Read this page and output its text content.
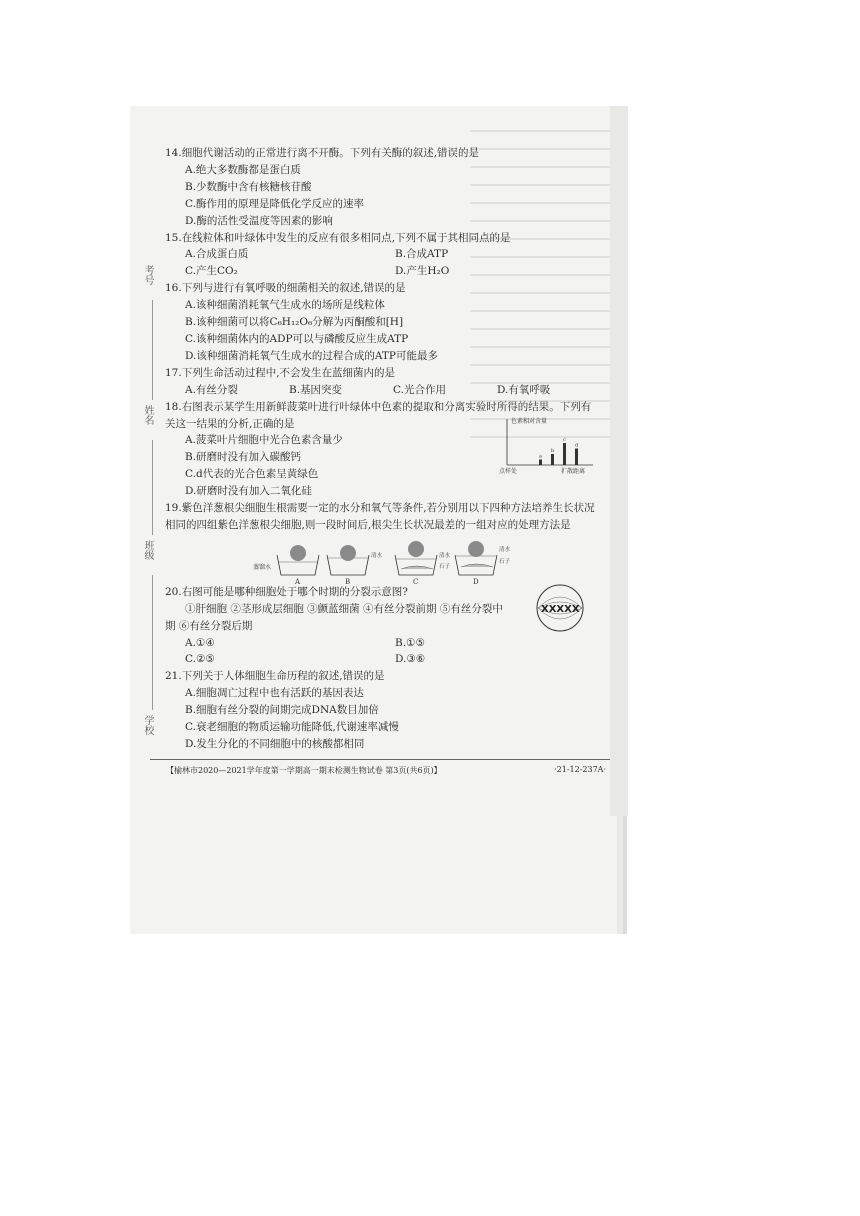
考号
姓名
班级
学校
14.细胞代谢活动的正常进行离不开酶。下列有关酶的叙述,错误的是
A.绝大多数酶都是蛋白质
B.少数酶中含有核糖核苷酸
C.酶作用的原理是降低化学反应的速率
D.酶的活性受温度等因素的影响
15.在线粒体和叶绿体中发生的反应有很多相同点,下列不属于其相同点的是
A.合成蛋白质	B.合成ATP
C.产生CO₂	D.产生H₂O
16.下列与进行有氧呼吸的细菌相关的叙述,错误的是
A.该种细菌消耗氧气生成水的场所是线粒体
B.该种细菌可以将C₆H₁₂O₆分解为丙酮酸和[H]
C.该种细菌体内的ADP可以与磷酸反应生成ATP
D.该种细菌消耗氧气生成水的过程合成的ATP可能最多
17.下列生命活动过程中,不会发生在蓝细菌内的是
A.有丝分裂	B.基因突变	C.光合作用	D.有氧呼吸
18.右图表示某学生用新鲜菠菜叶进行叶绿体中色素的提取和分离实验时所得的结果。下列有
关这一结果的分析,正确的是
A.菠菜叶片细胞中光合色素含量少
B.研磨时没有加入碳酸钙
C.d代表的光合色素呈黄绿色
D.研磨时没有加入二氧化硅
19.紫色洋葱根尖细胞生根需要一定的水分和氧气等条件,若分别用以下四种方法培养生长状况
相同的四组紫色洋葱根尖细胞,则一段时间后,根尖生长状况最差的一组对应的处理方法是
20.右图可能是哪种细胞处于哪个时期的分裂示意图?
①肝细胞 ②茎形成层细胞 ③颤蓝细菌 ④有丝分裂前期 ⑤有丝分裂中
期 ⑥有丝分裂后期
A.①④	B.①⑤
C.②⑤	D.③⑥
21.下列关于人体细胞生命历程的叙述,错误的是
A.细胞凋亡过程中也有活跃的基因表达
B.细胞有丝分裂的间期完成DNA数目加倍
C.衰老细胞的物质运输功能降低,代谢速率减慢
D.发生分化的不同细胞中的核酸都相同
色素相对含量
点样处	扩散距离
a
b
c
d
蒸馏水
A
清水
B
清水
石子
C
清水
石子
D
XXXXX
【榆林市2020—2021学年度第一学期高一期末检测生物试卷 第3页(共6页)】	·21-12-237A·
